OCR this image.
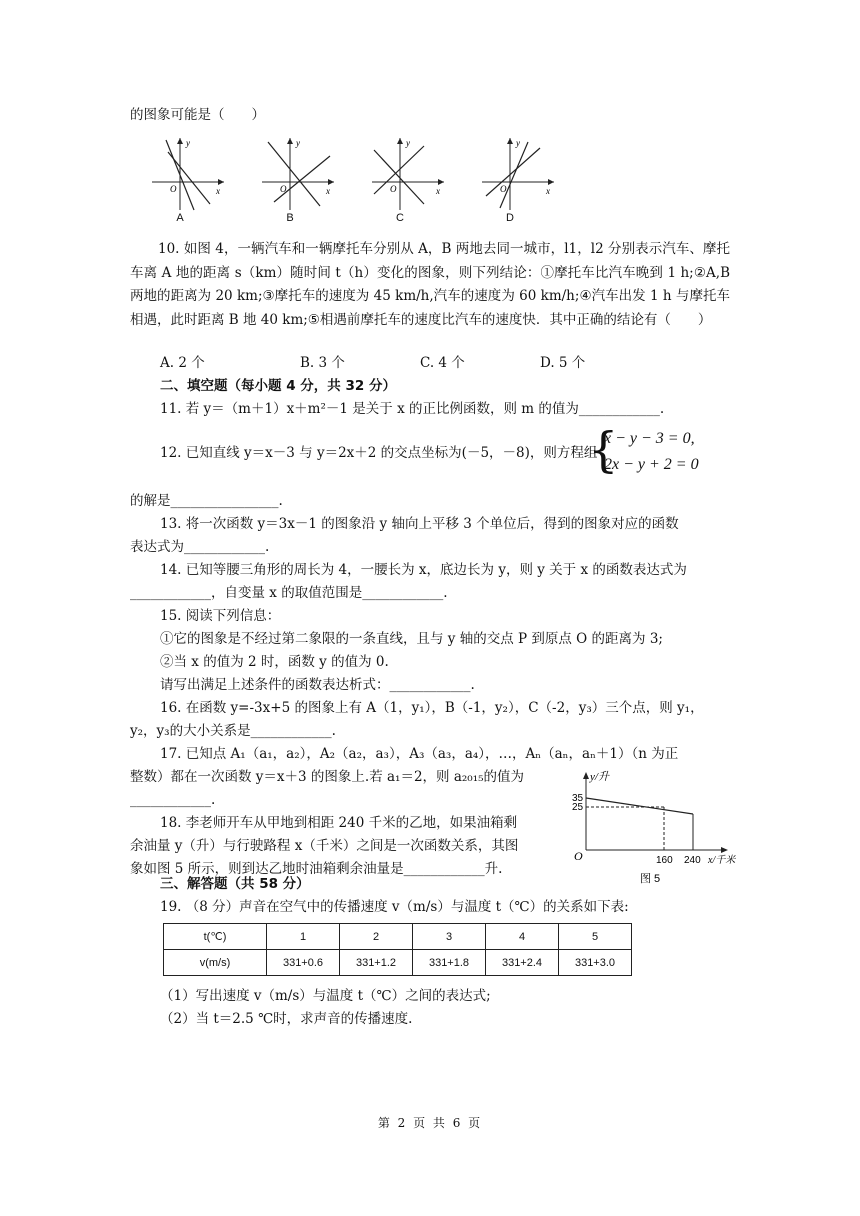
的图象可能是（　　）
y
x
O
A
y
x
O
B
y
x
O
C
y
x
O
D
10. 如图 4，一辆汽车和一辆摩托车分别从 A，B 两地去同一城市，l1，l2 分别表示汽车、摩托车离 A 地的距离 s（km）随时间 t（h）变化的图象，则下列结论：①摩托车比汽车晚到 1 h;②A,B 两地的距离为 20 km;③摩托车的速度为 45 km/h,汽车的速度为 60 km/h;④汽车出发 1 h 与摩托车相遇，此时距离 B 地 40 km;⑤相遇前摩托车的速度比汽车的速度快．其中正确的结论有（　　）
A. 2 个	B. 3 个	C. 4 个	D. 5 个
二、填空题（每小题 4 分，共 32 分）
11. 若 y＝（m＋1）x＋m²－1 是关于 x 的正比例函数，则 m 的值为____________.
12. 已知直线 y＝x－3 与 y＝2x＋2 的交点坐标为(－5，－8)，则方程组
{
x − y − 3 = 0,
2x − y + 2 = 0
的解是________________.
13. 将一次函数 y＝3x－1 的图象沿 y 轴向上平移 3 个单位后，得到的图象对应的函数
表达式为____________.
14. 已知等腰三角形的周长为 4，一腰长为 x，底边长为 y，则 y 关于 x 的函数表达式为
____________，自变量 x 的取值范围是____________.
15. 阅读下列信息：
①它的图象是不经过第二象限的一条直线，且与 y 轴的交点 P 到原点 O 的距离为 3;
②当 x 的值为 2 时，函数 y 的值为 0.
请写出满足上述条件的函数表达析式：____________.
16. 在函数 y=-3x+5 的图象上有 A（1，y₁），B（-1，y₂），C（-2，y₃）三个点，则 y₁，
y₂，y₃的大小关系是____________.
17. 已知点 A₁（a₁，a₂），A₂（a₂，a₃），A₃（a₃，a₄），…，Aₙ（aₙ，aₙ＋1）（n 为正
整数）都在一次函数 y＝x＋3 的图象上.若 a₁＝2，则 a₂₀₁₅的值为
____________.
18. 李老师开车从甲地到相距 240 千米的乙地，如果油箱剩
余油量 y（升）与行驶路程 x（千米）之间是一次函数关系，其图
象如图 5 所示，则到达乙地时油箱剩余油量是____________升.
y/升
35
25
O	160 240 x/千米
图 5
三、解答题（共 58 分）
19. （8 分）声音在空气中的传播速度 v（m/s）与温度 t（℃）的关系如下表:
t(℃)	1	2	3	4	5
v(m/s)	331+0.6	331+1.2	331+1.8	331+2.4	331+3.0
（1）写出速度 v（m/s）与温度 t（℃）之间的表达式;
（2）当 t＝2.5 ℃时，求声音的传播速度.
第 2 页 共 6 页
